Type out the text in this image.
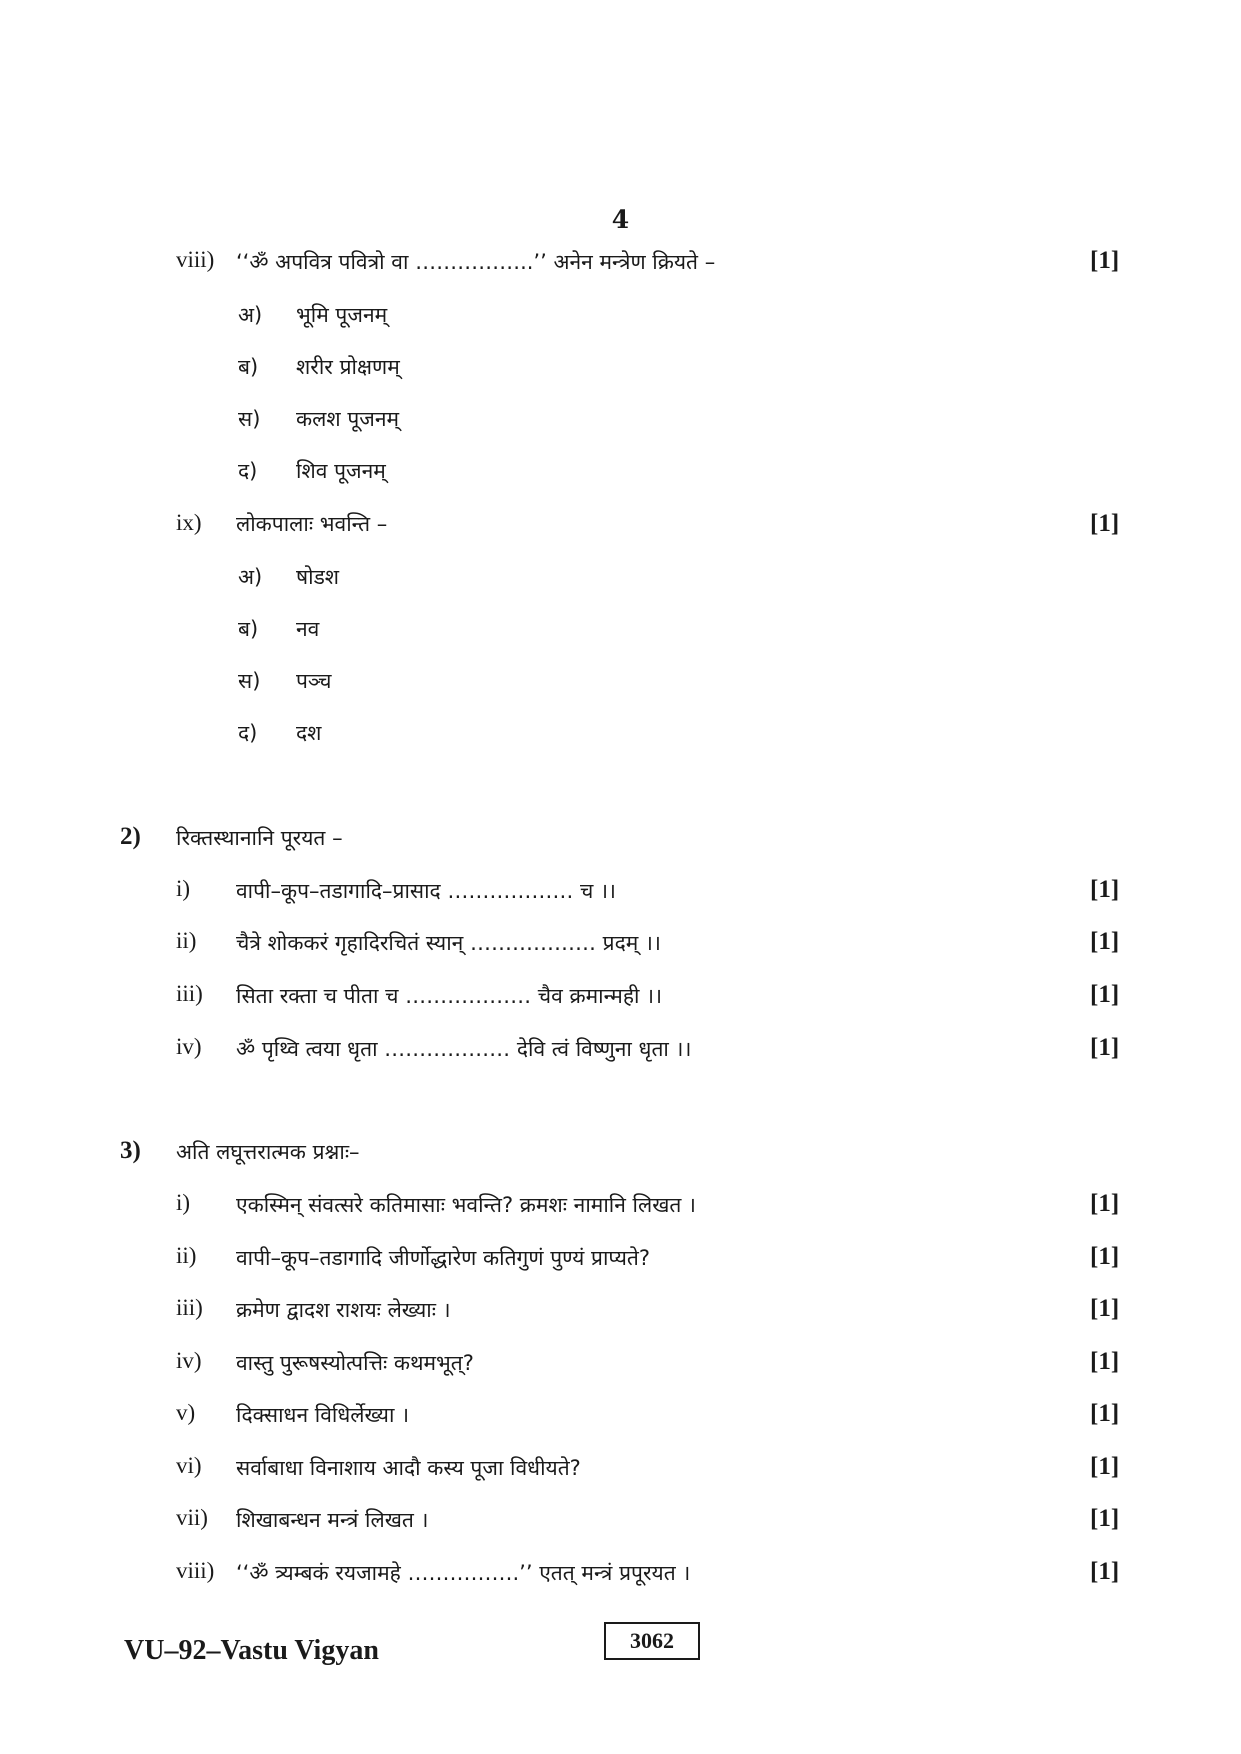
4
viii) ‘‘ॐ अपवित्र पवित्रो वा ……………..’’ अनेन मन्त्रेण क्रियते –	[1]
अ) भूमि पूजनम्
ब) शरीर प्रोक्षणम्
स) कलश पूजनम्
द) शिव पूजनम्
ix) लोकपालाः भवन्ति –	[1]
अ) षोडश
ब) नव
स) पञ्च
द) दश
2) रिक्तस्थानानि पूरयत –
i) वापी–कूप–तडागादि–प्रासाद ……………… च ।।	[1]
ii) चैत्रे शोककरं गृहादिरचितं स्यान् ……………… प्रदम् ।।	[1]
iii) सिता रक्ता च पीता च ……………… चैव क्रमान्मही ।।	[1]
iv) ॐ पृथ्वि त्वया धृता ……………… देवि त्वं विष्णुना धृता ।।	[1]
3) अति लघूत्तरात्मक प्रश्नाः–
i) एकस्मिन् संवत्सरे कतिमासाः भवन्ति? क्रमशः नामानि लिखत ।	[1]
ii) वापी–कूप–तडागादि जीर्णोद्धारेण कतिगुणं पुण्यं प्राप्यते?	[1]
iii) क्रमेण द्वादश राशयः लेख्याः ।	[1]
iv) वास्तु पुरूषस्योत्पत्तिः कथमभूत्?	[1]
v) दिक्साधन विधिर्लेख्या ।	[1]
vi) सर्वाबाधा विनाशाय आदौ कस्य पूजा विधीयते?	[1]
vii) शिखाबन्धन मन्त्रं लिखत ।	[1]
viii) ‘‘ॐ त्र्यम्बकं रयजामहे …………….’’ एतत् मन्त्रं प्रपूरयत ।	[1]
VU–92–Vastu Vigyan	3062
